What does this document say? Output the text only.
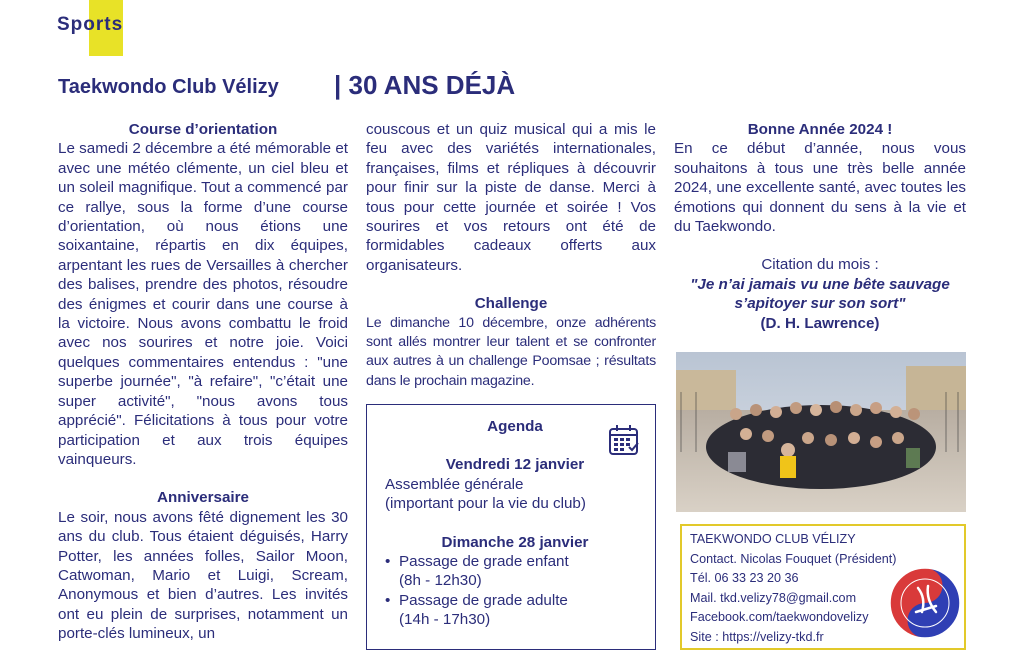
Sports
Taekwondo Club Vélizy | 30 ANS DÉJÀ

Course d’orientation

Le samedi 2 décembre a été mémorable et avec une météo clémente, un ciel bleu et un soleil magnifique. Tout a commencé par ce rallye, sous la forme d’une course d’orientation, où nous étions une soixantaine, répartis en dix équipes, arpentant les rues de Versailles à chercher des balises, prendre des photos, résoudre des énigmes et courir dans une course à la victoire. Nous avons combattu le froid avec nos sourires et notre joie. Voici quelques commentaires entendus : "une superbe journée", "à refaire", "c’était une super activité", "nous avons tous apprécié". Félicitations à tous pour votre participation et aux trois équipes vainqueurs.

Anniversaire

Le soir, nous avons fêté dignement les 30 ans du club. Tous étaient déguisés, Harry Potter, les années folles, Sailor Moon, Catwoman, Mario et Luigi, Scream, Anonymous et bien d’autres. Les invités ont eu plein de surprises, notamment un porte-clés lumineux, un

couscous et un quiz musical qui a mis le feu avec des variétés internationales, françaises, films et répliques à découvrir pour finir sur la piste de danse. Merci à tous pour cette journée et soirée ! Vos sourires et vos retours ont été de formidables cadeaux offerts aux organisateurs.

Challenge

Le dimanche 10 décembre, onze adhérents sont allés montrer leur talent et se confronter aux autres à un challenge Poomsae ; résultats dans le prochain magazine.

Agenda

Vendredi 12 janvier

Assemblée générale

(important pour la vie du club)

Dimanche 28 janvier

• Passage de grade enfant
(8h - 12h30)
• Passage de grade adulte
(14h - 17h30)

Bonne Année 2024 !

En ce début d’année, nous vous souhaitons à tous une très belle année 2024, une excellente santé, avec toutes les émotions qui donnent du sens à la vie et du Taekwondo.

Citation du mois :

"Je n’ai jamais vu une bête sauvage

s’apitoyer sur son sort"

(D. H. Lawrence)

TAEKWONDO CLUB VÉLIZY
Contact. Nicolas Fouquet (Président)
Tél. 06 33 23 20 36
Mail. tkd.velizy78@gmail.com
Facebook.com/taekwondovelizy
Site : https://velizy-tkd.fr
